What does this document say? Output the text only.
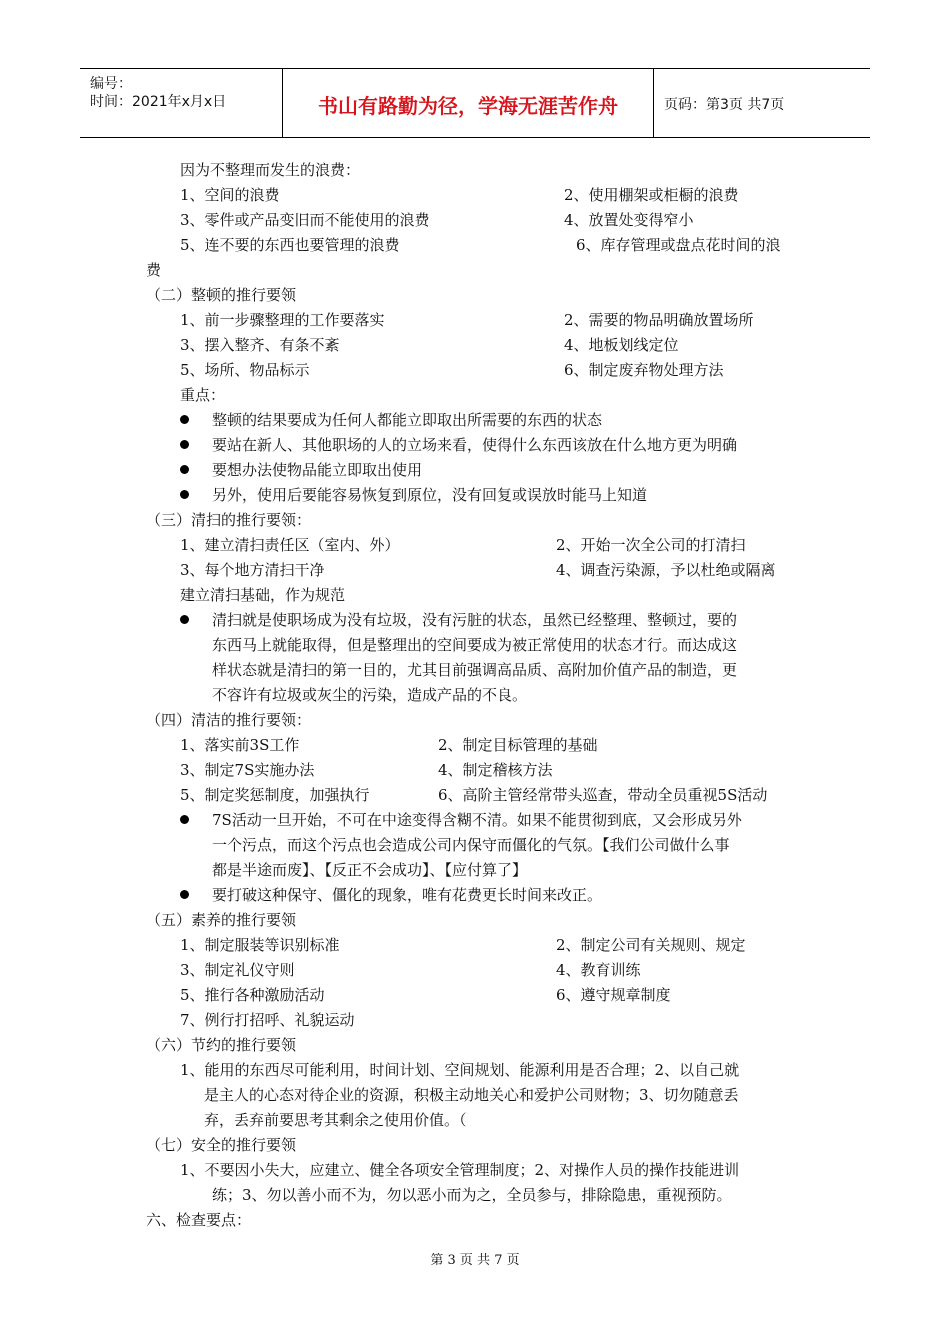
编号：
时间：2021年x月x日	书山有路勤为径，学海无涯苦作舟	页码：第3页 共7页
因为不整理而发生的浪费：
1、空间的浪费	2、使用棚架或柜橱的浪费
3、零件或产品变旧而不能使用的浪费	4、放置处变得窄小
5、连不要的东西也要管理的浪费	6、库存管理或盘点花时间的浪
费
（二）整顿的推行要领
1、前一步骤整理的工作要落实	2、需要的物品明确放置场所
3、摆入整齐、有条不紊	4、地板划线定位
5、场所、物品标示	6、制定废弃物处理方法
重点：
整顿的结果要成为任何人都能立即取出所需要的东西的状态
要站在新人、其他职场的人的立场来看，使得什么东西该放在什么地方更为明确
要想办法使物品能立即取出使用
另外，使用后要能容易恢复到原位，没有回复或误放时能马上知道
（三）清扫的推行要领：
1、建立清扫责任区（室内、外）	2、开始一次全公司的打清扫
3、每个地方清扫干净	4、调查污染源，予以杜绝或隔离
建立清扫基础，作为规范
清扫就是使职场成为没有垃圾，没有污脏的状态，虽然已经整理、整顿过，要的
东西马上就能取得，但是整理出的空间要成为被正常使用的状态才行。而达成这
样状态就是清扫的第一目的，尤其目前强调高品质、高附加价值产品的制造，更
不容许有垃圾或灰尘的污染，造成产品的不良。
（四）清洁的推行要领：
1、落实前3S工作	2、制定目标管理的基础
3、制定7S实施办法	4、制定稽核方法
5、制定奖惩制度，加强执行	6、高阶主管经常带头巡查，带动全员重视5S活动
7S活动一旦开始，不可在中途变得含糊不清。如果不能贯彻到底，又会形成另外
一个污点，而这个污点也会造成公司内保守而僵化的气氛。【我们公司做什么事
都是半途而废】、【反正不会成功】、【应付算了】
要打破这种保守、僵化的现象，唯有花费更长时间来改正。
（五）素养的推行要领
1、制定服装等识别标准	2、制定公司有关规则、规定
3、制定礼仪守则	4、教育训练
5、推行各种激励活动	6、遵守规章制度
7、例行打招呼、礼貌运动
（六）节约的推行要领
1、能用的东西尽可能利用，时间计划、空间规划、能源利用是否合理；2、以自己就
是主人的心态对待企业的资源，积极主动地关心和爱护公司财物；3、切勿随意丢
弃，丢弃前要思考其剩余之使用价值。（
（七）安全的推行要领
1、不要因小失大，应建立、健全各项安全管理制度；2、对操作人员的操作技能进训
练；3、勿以善小而不为，勿以恶小而为之，全员参与，排除隐患，重视预防。
六、检查要点：
第 3 页 共 7 页
